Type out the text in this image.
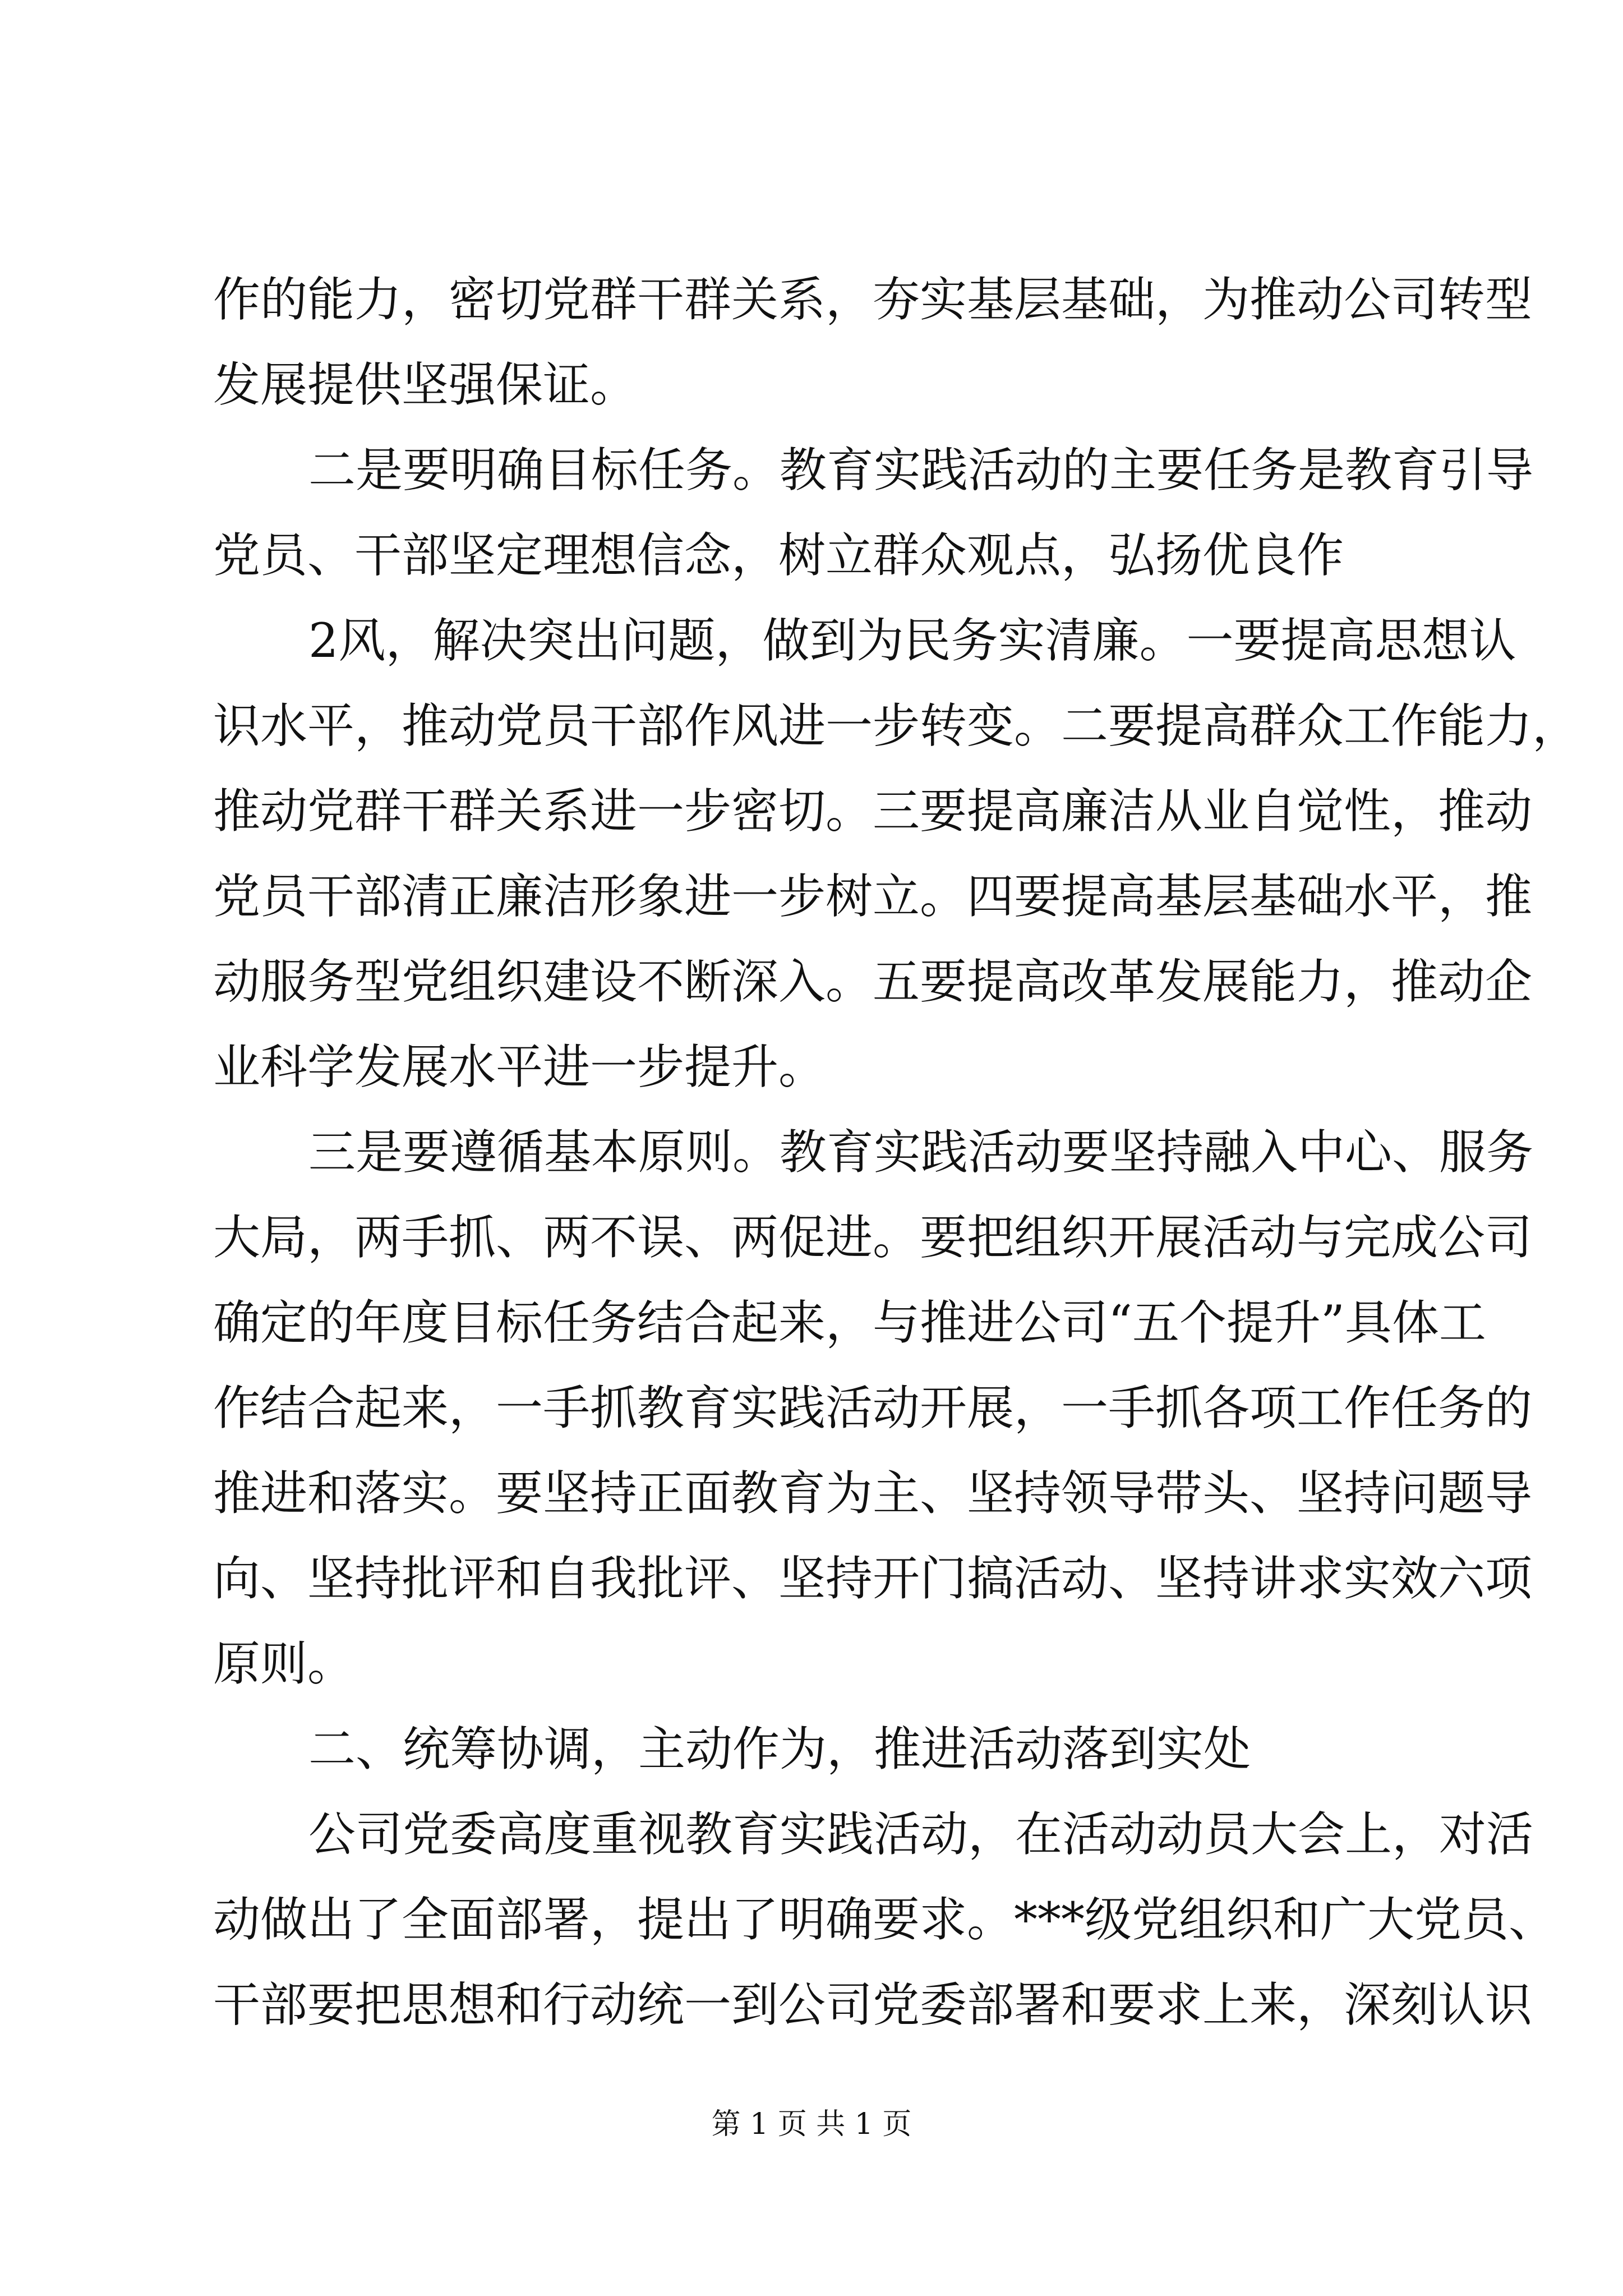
作的能力，密切党群干群关系，夯实基层基础，为推动公司转型
发展提供坚强保证。
二是要明确目标任务。教育实践活动的主要任务是教育引导
党员、干部坚定理想信念，树立群众观点，弘扬优良作
2风，解决突出问题，做到为民务实清廉。一要提高思想认
识水平，推动党员干部作风进一步转变。二要提高群众工作能力，
推动党群干群关系进一步密切。三要提高廉洁从业自觉性，推动
党员干部清正廉洁形象进一步树立。四要提高基层基础水平，推
动服务型党组织建设不断深入。五要提高改革发展能力，推动企
业科学发展水平进一步提升。
三是要遵循基本原则。教育实践活动要坚持融入中心、服务
大局，两手抓、两不误、两促进。要把组织开展活动与完成公司
确定的年度目标任务结合起来，与推进公司“五个提升”具体工
作结合起来，一手抓教育实践活动开展，一手抓各项工作任务的
推进和落实。要坚持正面教育为主、坚持领导带头、坚持问题导
向、坚持批评和自我批评、坚持开门搞活动、坚持讲求实效六项
原则。
二、统筹协调，主动作为，推进活动落到实处
公司党委高度重视教育实践活动，在活动动员大会上，对活
动做出了全面部署，提出了明确要求。***级党组织和广大党员、
干部要把思想和行动统一到公司党委部署和要求上来，深刻认识
第 1 页 共 1 页
